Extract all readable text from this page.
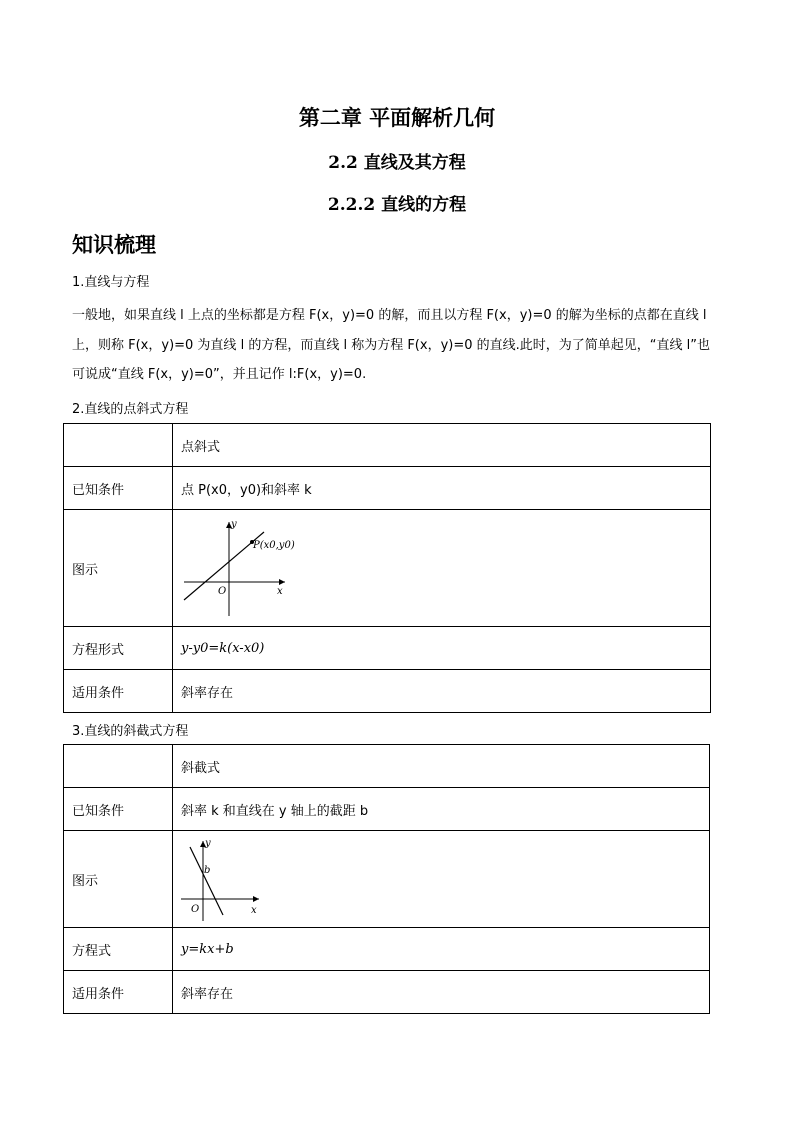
第二章 平面解析几何
2.2 直线及其方程
2.2.2 直线的方程
知识梳理
1.直线与方程
一般地，如果直线 l 上点的坐标都是方程 F(x，y)=0 的解，而且以方程 F(x，y)=0 的解为坐标的点都在直线 l
上，则称 F(x，y)=0 为直线 l 的方程，而直线 l 称为方程 F(x，y)=0 的直线.此时，为了简单起见，“直线 l”也
可说成“直线 F(x，y)=0”，并且记作 l:F(x，y)=0.
2.直线的点斜式方程
	点斜式
已知条件	点 P(x0，y0)和斜率 k
图示	P(x0,y0)
O x
y

方程形式	y-y0=k(x-x0)
适用条件	斜率存在
3.直线的斜截式方程
	斜截式
已知条件	斜率 k 和直线在 y 轴上的截距 b
图示	y
b
O x

方程式	y=kx+b
适用条件	斜率存在
